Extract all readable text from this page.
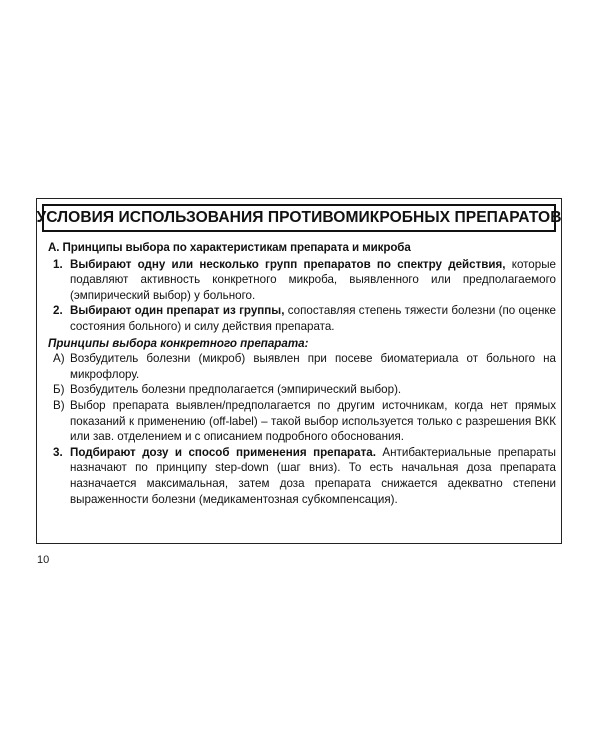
УСЛОВИЯ ИСПОЛЬЗОВАНИЯ ПРОТИВОМИКРОБНЫХ ПРЕПАРАТОВ
А. Принципы выбора по характеристикам препарата и микроба
1. Выбирают одну или несколько групп препаратов по спектру действия, которые подавляют активность конкретного микроба, выявленного или предполагаемого (эмпирический выбор) у больного.
2. Выбирают один препарат из группы, сопоставляя степень тяжести болезни (по оценке состояния больного) и силу действия препарата.
Принципы выбора конкретного препарата:
А) Возбудитель болезни (микроб) выявлен при посеве биоматериала от больного на микрофлору.
Б) Возбудитель болезни предполагается (эмпирический выбор).
В) Выбор препарата выявлен/предполагается по другим источникам, когда нет прямых показаний к применению (off-label) – такой выбор используется только с разрешения ВКК или зав. отделением и с описанием подробного обоснования.
3. Подбирают дозу и способ применения препарата. Антибактериальные препараты назначают по принципу step-down (шаг вниз). То есть начальная доза препарата назначается максимальная, затем доза препарата снижается адекватно степени выраженности болезни (медикаментозная субкомпенсация).
10
